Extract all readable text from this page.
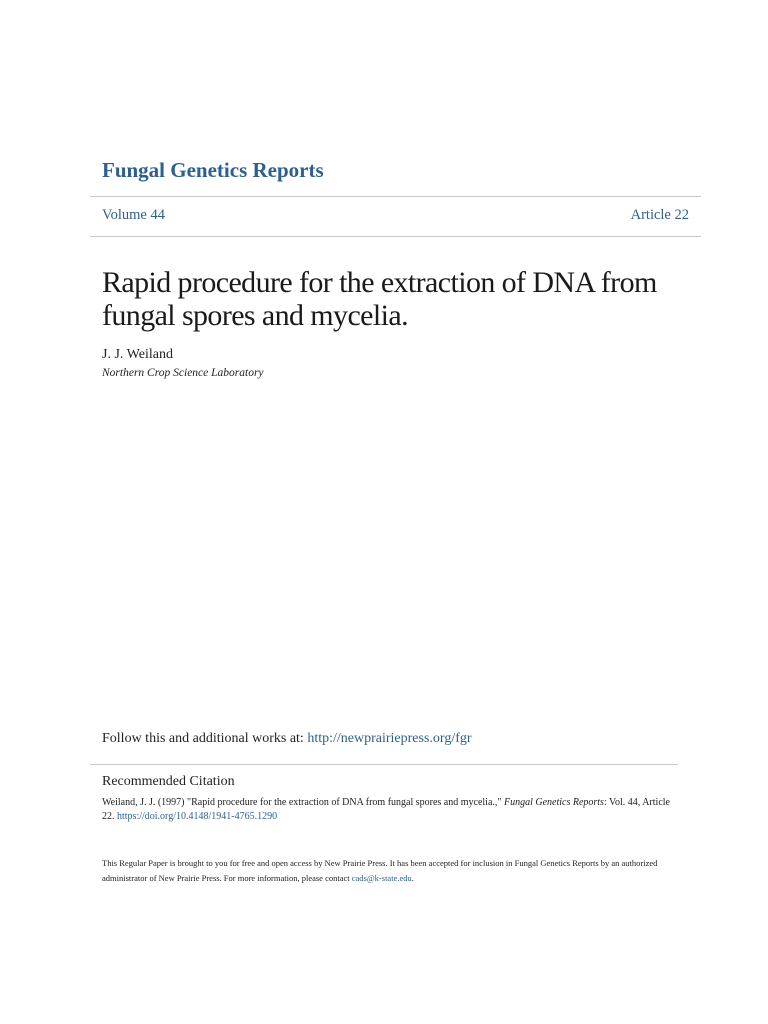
Fungal Genetics Reports
Volume 44	Article 22
Rapid procedure for the extraction of DNA from fungal spores and mycelia.
J. J. Weiland
Northern Crop Science Laboratory
Follow this and additional works at: http://newprairiepress.org/fgr
Recommended Citation
Weiland, J. J. (1997) "Rapid procedure for the extraction of DNA from fungal spores and mycelia.," Fungal Genetics Reports: Vol. 44, Article 22. https://doi.org/10.4148/1941-4765.1290
This Regular Paper is brought to you for free and open access by New Prairie Press. It has been accepted for inclusion in Fungal Genetics Reports by an authorized administrator of New Prairie Press. For more information, please contact cads@k-state.edu.
